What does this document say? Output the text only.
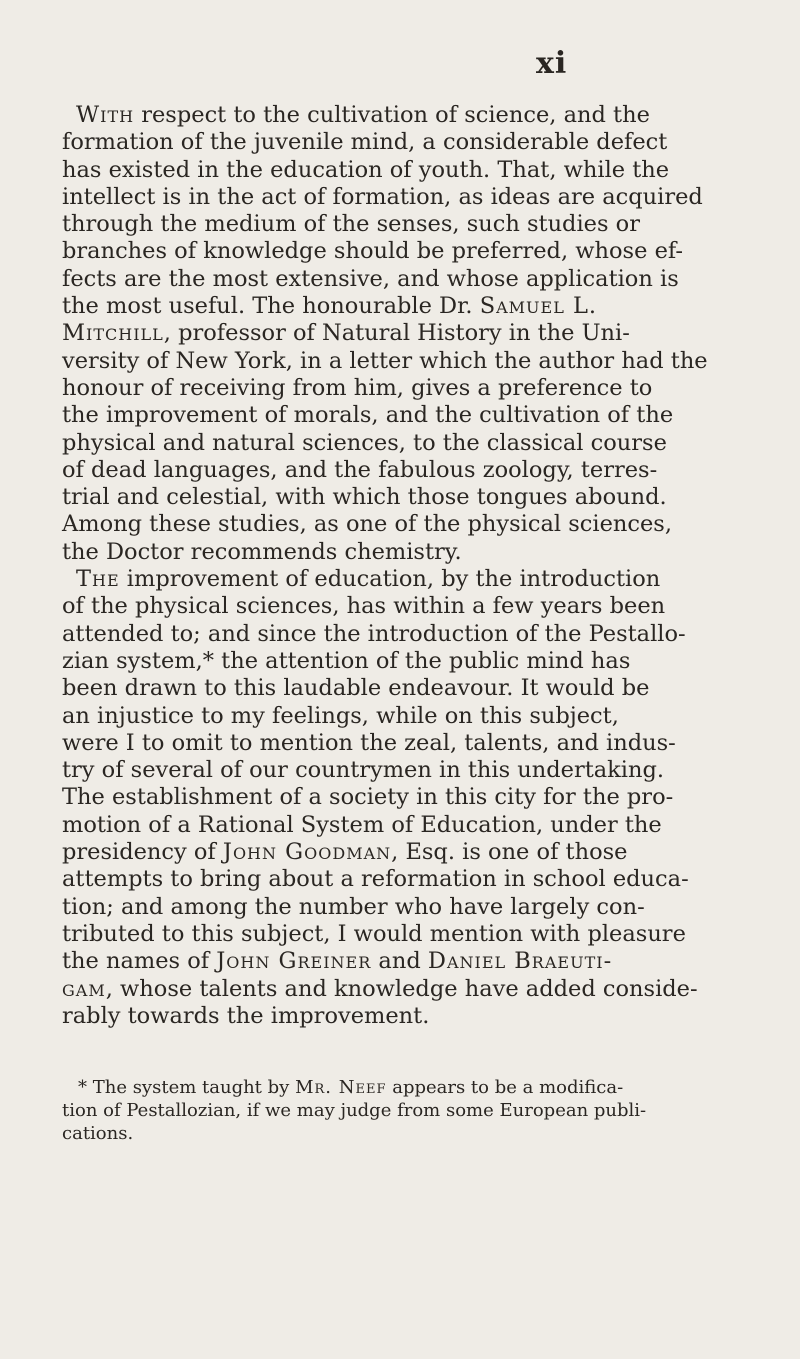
xi
With respect to the cultivation of science, and the
formation of the juvenile mind, a considerable defect
has existed in the education of youth. That, while the
intellect is in the act of formation, as ideas are acquired
through the medium of the senses, such studies or
branches of knowledge should be preferred, whose ef-
fects are the most extensive, and whose application is
the most useful. The honourable Dr. Samuel L.
Mitchill, professor of Natural History in the Uni-
versity of New York, in a letter which the author had the
honour of receiving from him, gives a preference to
the improvement of morals, and the cultivation of the
physical and natural sciences, to the classical course
of dead languages, and the fabulous zoology, terres-
trial and celestial, with which those tongues abound.
Among these studies, as one of the physical sciences,
the Doctor recommends chemistry.
The improvement of education, by the introduction
of the physical sciences, has within a few years been
attended to; and since the introduction of the Pestallo-
zian system,* the attention of the public mind has
been drawn to this laudable endeavour. It would be
an injustice to my feelings, while on this subject,
were I to omit to mention the zeal, talents, and indus-
try of several of our countrymen in this undertaking.
The establishment of a society in this city for the pro-
motion of a Rational System of Education, under the
presidency of John Goodman, Esq. is one of those
attempts to bring about a reformation in school educa-
tion; and among the number who have largely con-
tributed to this subject, I would mention with pleasure
the names of John Greiner and Daniel Braeuti-
gam, whose talents and knowledge have added conside-
rably towards the improvement.
* The system taught by Mr. Neef appears to be a modifica-
tion of Pestallozian, if we may judge from some European publi-
cations.
